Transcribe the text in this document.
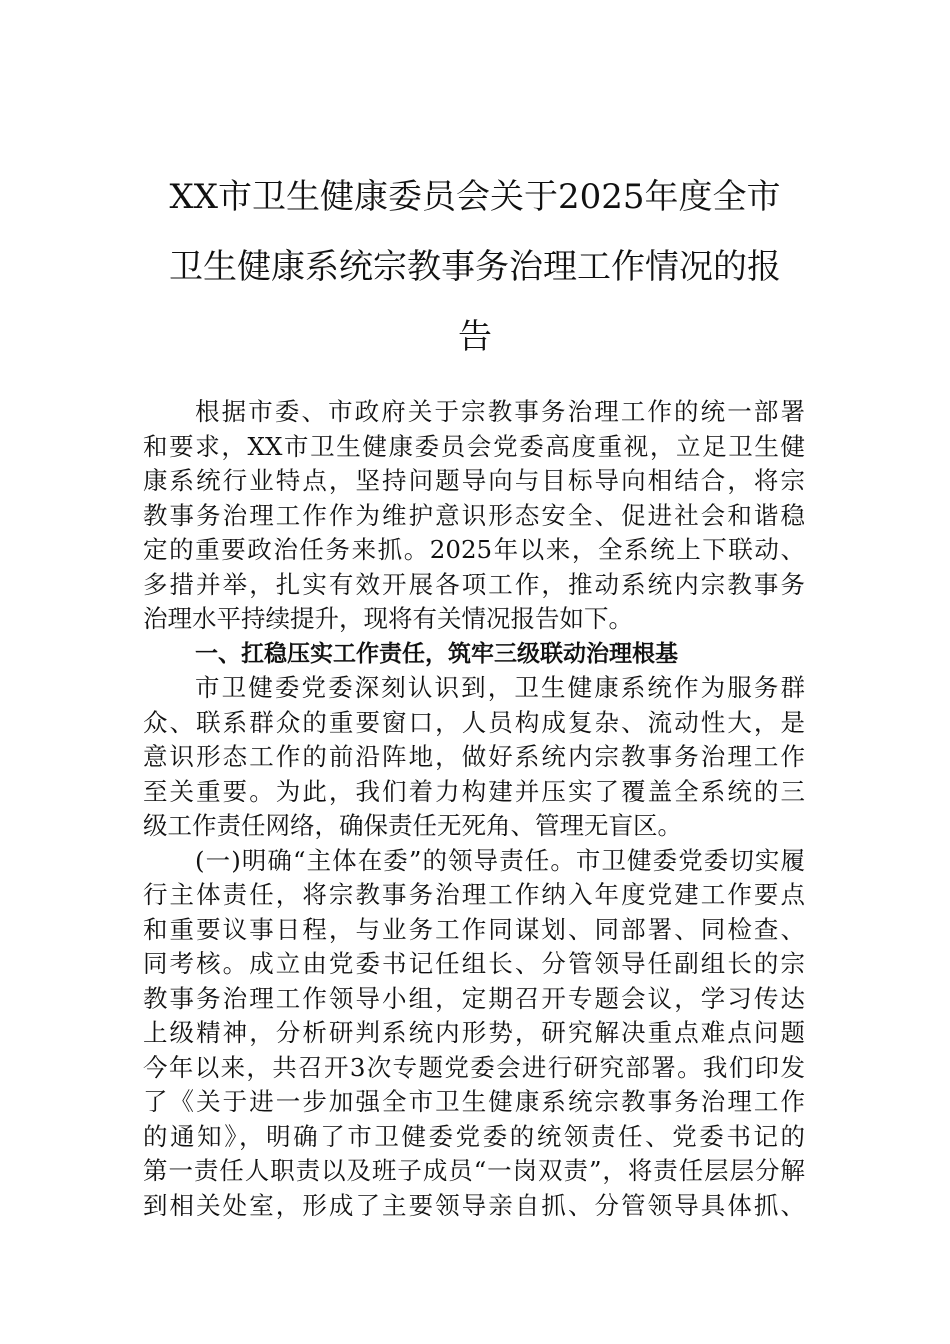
XX市卫生健康委员会关于2025年度全市
卫生健康系统宗教事务治理工作情况的报
告
根据市委、市政府关于宗教事务治理工作的统一部署
和要求，XX市卫生健康委员会党委高度重视，立足卫生健
康系统行业特点，坚持问题导向与目标导向相结合，将宗
教事务治理工作作为维护意识形态安全、促进社会和谐稳
定的重要政治任务来抓。2025年以来，全系统上下联动、
多措并举，扎实有效开展各项工作，推动系统内宗教事务
治理水平持续提升，现将有关情况报告如下。
一、扛稳压实工作责任，筑牢三级联动治理根基
市卫健委党委深刻认识到，卫生健康系统作为服务群
众、联系群众的重要窗口，人员构成复杂、流动性大，是
意识形态工作的前沿阵地，做好系统内宗教事务治理工作
至关重要。为此，我们着力构建并压实了覆盖全系统的三
级工作责任网络，确保责任无死角、管理无盲区。
(一)明确“主体在委”的领导责任。市卫健委党委切实履
行主体责任，将宗教事务治理工作纳入年度党建工作要点
和重要议事日程，与业务工作同谋划、同部署、同检查、
同考核。成立由党委书记任组长、分管领导任副组长的宗
教事务治理工作领导小组，定期召开专题会议，学习传达
上级精神，分析研判系统内形势，研究解决重点难点问题
今年以来，共召开3次专题党委会进行研究部署。我们印发
了《关于进一步加强全市卫生健康系统宗教事务治理工作
的通知》，明确了市卫健委党委的统领责任、党委书记的
第一责任人职责以及班子成员“一岗双责”，将责任层层分解
到相关处室，形成了主要领导亲自抓、分管领导具体抓、
